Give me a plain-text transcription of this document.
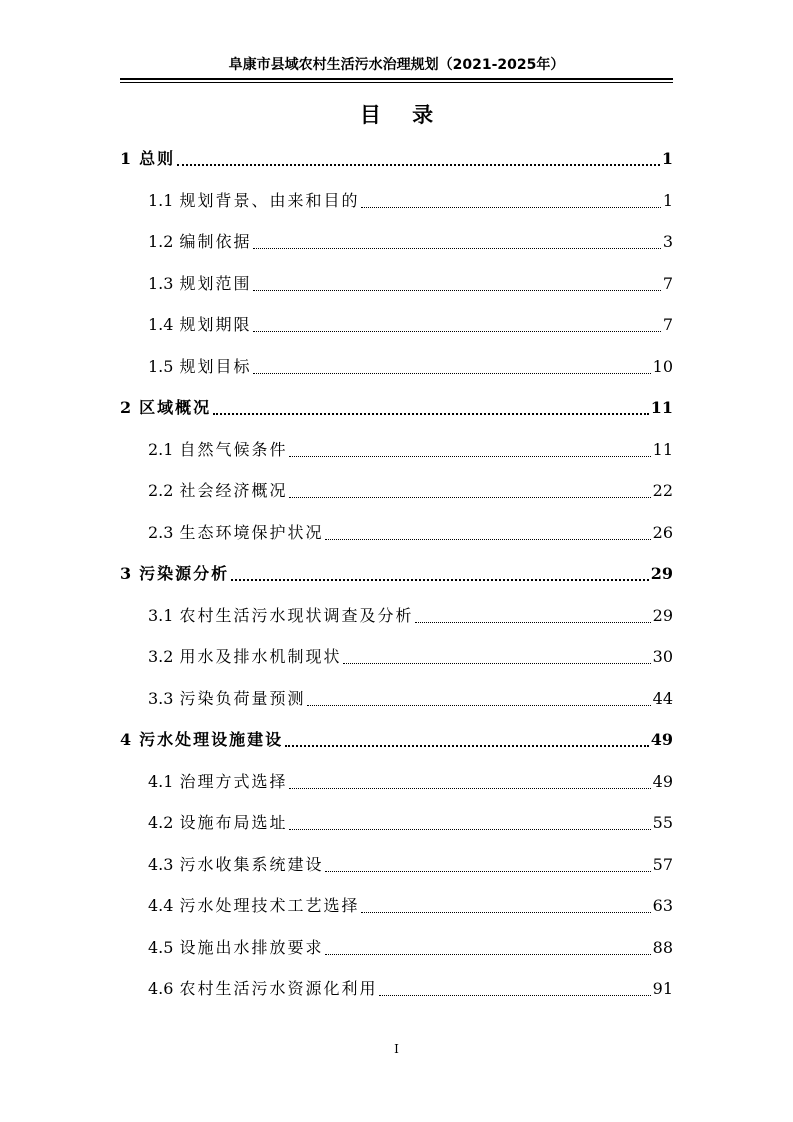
阜康市县域农村生活污水治理规划（2021-2025年）
目 录
1 总则	1
1.1 规划背景、由来和目的	1
1.2 编制依据	3
1.3 规划范围	7
1.4 规划期限	7
1.5 规划目标	10
2 区域概况	11
2.1 自然气候条件	11
2.2 社会经济概况	22
2.3 生态环境保护状况	26
3 污染源分析	29
3.1 农村生活污水现状调查及分析	29
3.2 用水及排水机制现状	30
3.3 污染负荷量预测	44
4 污水处理设施建设	49
4.1 治理方式选择	49
4.2 设施布局选址	55
4.3 污水收集系统建设	57
4.4 污水处理技术工艺选择	63
4.5 设施出水排放要求	88
4.6 农村生活污水资源化利用	91
I
